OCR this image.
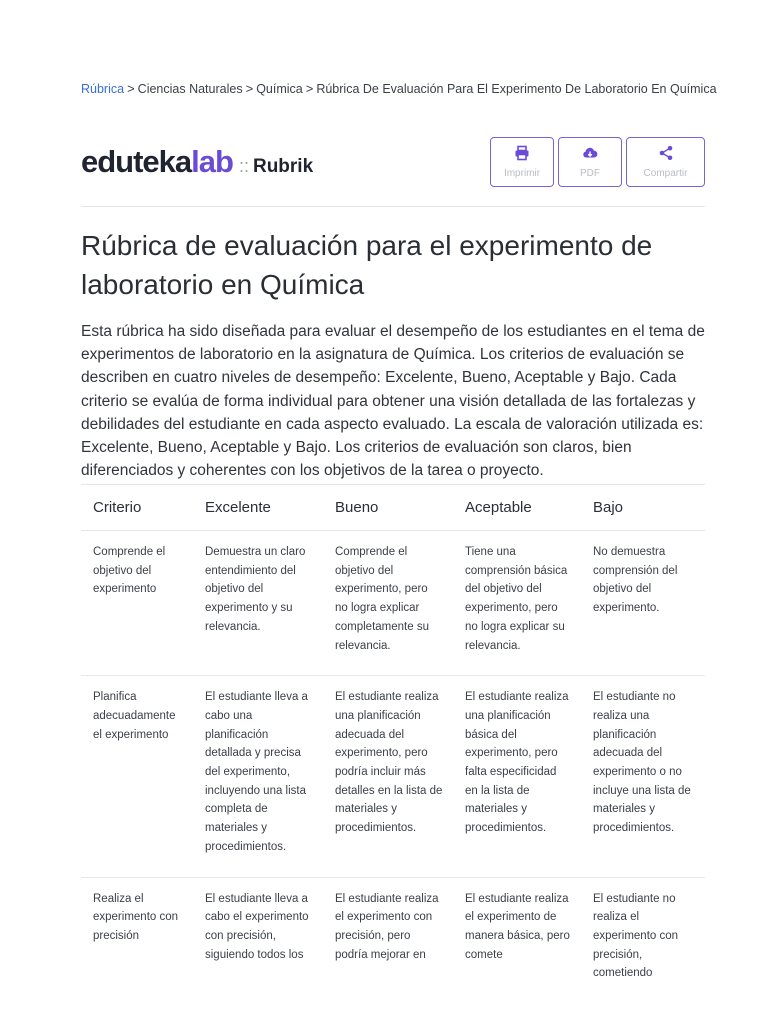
Rúbrica > Ciencias Naturales > Química > Rúbrica De Evaluación Para El Experimento De Laboratorio En Química
eduteka lab :: Rubrik	Imprimir	PDF	Compartir
Rúbrica de evaluación para el experimento de laboratorio en Química

Esta rúbrica ha sido diseñada para evaluar el desempeño de los estudiantes en el tema de experimentos de laboratorio en la asignatura de Química. Los criterios de evaluación se describen en cuatro niveles de desempeño: Excelente, Bueno, Aceptable y Bajo. Cada criterio se evalúa de forma individual para obtener una visión detallada de las fortalezas y debilidades del estudiante en cada aspecto evaluado. La escala de valoración utilizada es: Excelente, Bueno, Aceptable y Bajo. Los criterios de evaluación son claros, bien diferenciados y coherentes con los objetivos de la tarea o proyecto.

Criterio	Excelente	Bueno	Aceptable	Bajo
Comprende el objetivo del experimento	Demuestra un claro entendimiento del objetivo del experimento y su relevancia.	Comprende el objetivo del experimento, pero no logra explicar completamente su relevancia.	Tiene una comprensión básica del objetivo del experimento, pero no logra explicar su relevancia.	No demuestra comprensión del objetivo del experimento.
Planifica adecuadamente el experimento	El estudiante lleva a cabo una planificación detallada y precisa del experimento, incluyendo una lista completa de materiales y procedimientos.	El estudiante realiza una planificación adecuada del experimento, pero podría incluir más detalles en la lista de materiales y procedimientos.	El estudiante realiza una planificación básica del experimento, pero falta especificidad en la lista de materiales y procedimientos.	El estudiante no realiza una planificación adecuada del experimento o no incluye una lista de materiales y procedimientos.
Realiza el experimento con precisión	El estudiante lleva a cabo el experimento con precisión, siguiendo todos los	El estudiante realiza el experimento con precisión, pero podría mejorar en	El estudiante realiza el experimento de manera básica, pero comete	El estudiante no realiza el experimento con precisión, cometiendo
